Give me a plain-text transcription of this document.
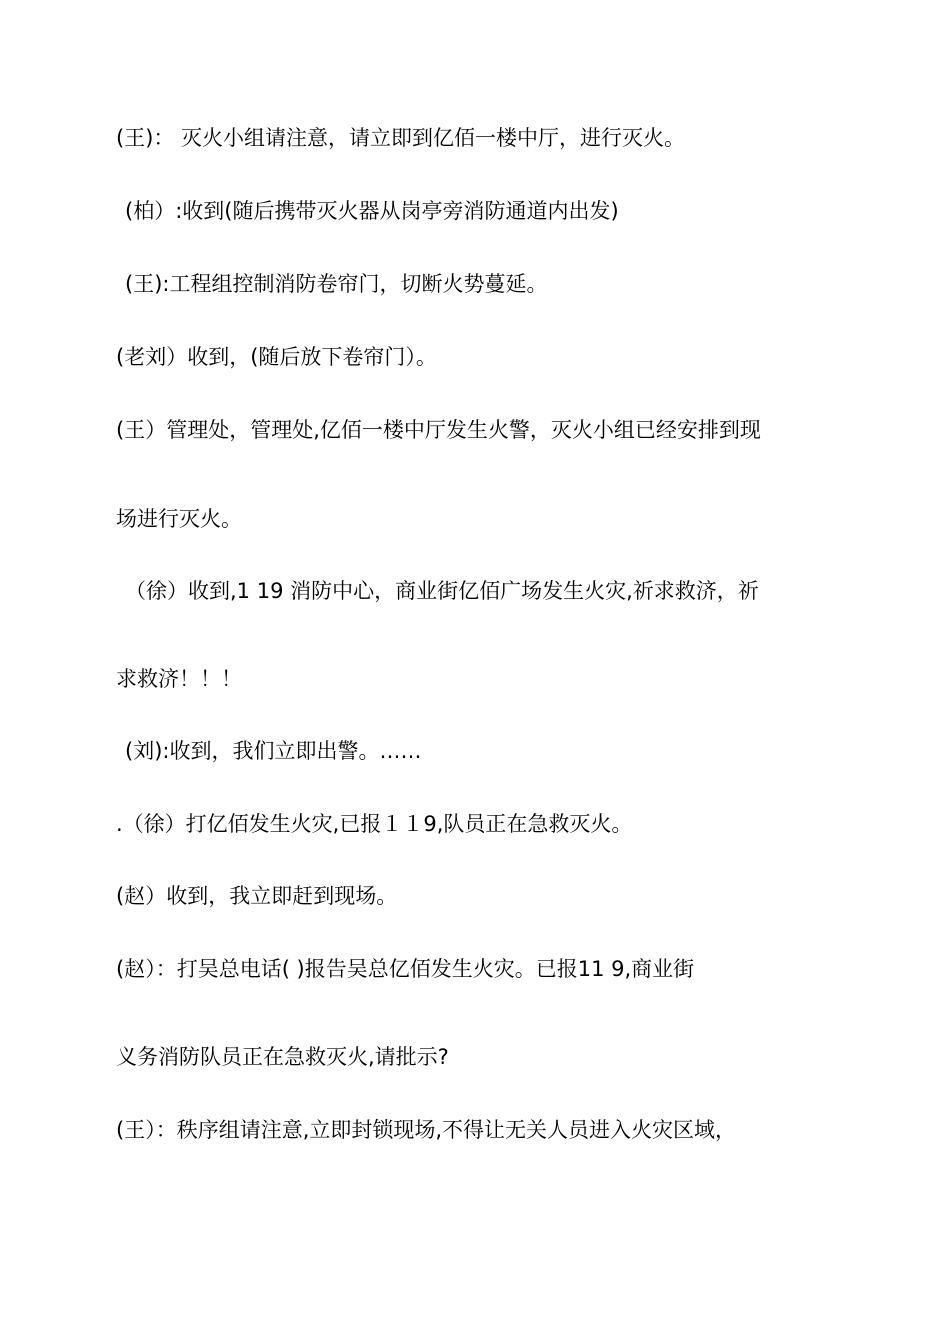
(王)： 灭火小组请注意，请立即到亿佰一楼中厅，进行灭火。
(柏）:收到(随后携带灭火器从岗亭旁消防通道内出发)
(王):工程组控制消防卷帘门，切断火势蔓延。
(老刘）收到，(随后放下卷帘门）。
(王）管理处，管理处,亿佰一楼中厅发生火警，灭火小组已经安排到现
场进行灭火。
（徐）收到,1 19 消防中心，商业街亿佰广场发生火灾,祈求救济，祈
求救济！！！
(刘):收到，我们立即出警。……
.（徐）打亿佰发生火灾,已报１１9,队员正在急救灭火。
(赵）收到，我立即赶到现场。
(赵）：打吴总电话( )报告吴总亿佰发生火灾。已报11 9,商业街
义务消防队员正在急救灭火,请批示?
(王）：秩序组请注意,立即封锁现场,不得让无关人员进入火灾区域，
